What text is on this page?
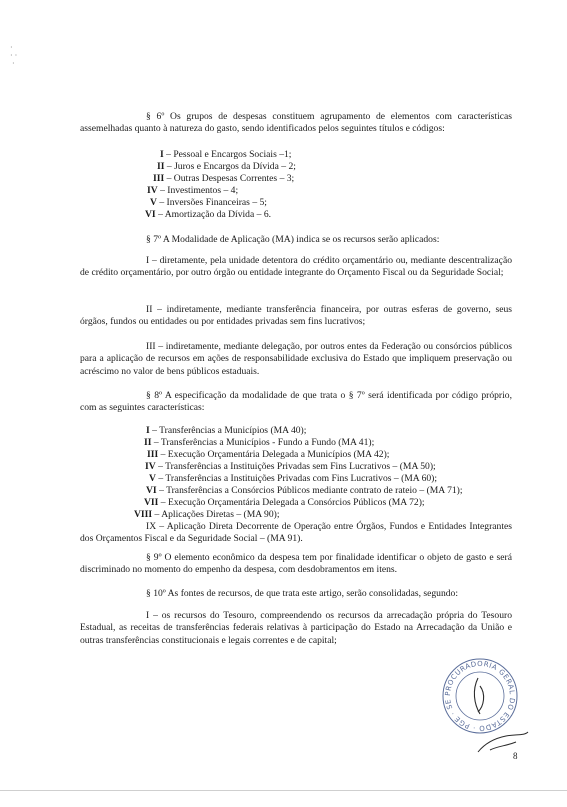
·
· ·
·
§ 6º Os grupos de despesas constituem agrupamento de elementos com características assemelhadas quanto à natureza do gasto, sendo identificados pelos seguintes títulos e códigos:
I – Pessoal e Encargos Sociais –1;
II – Juros e Encargos da Dívida – 2;
III – Outras Despesas Correntes – 3;
IV – Investimentos – 4;
V – Inversões Financeiras – 5;
VI – Amortização da Dívida – 6.
§ 7º A Modalidade de Aplicação (MA) indica se os recursos serão aplicados:
I – diretamente, pela unidade detentora do crédito orçamentário ou, mediante descentralização de crédito orçamentário, por outro órgão ou entidade integrante do Orçamento Fiscal ou da Seguridade Social;
II – indiretamente, mediante transferência financeira, por outras esferas de governo, seus órgãos, fundos ou entidades ou por entidades privadas sem fins lucrativos;
III – indiretamente, mediante delegação, por outros entes da Federação ou consórcios públicos para a aplicação de recursos em ações de responsabilidade exclusiva do Estado que impliquem preservação ou acréscimo no valor de bens públicos estaduais.
§ 8º A especificação da modalidade de que trata o § 7º será identificada por código próprio, com as seguintes características:
I – Transferências a Municípios (MA 40);
II – Transferências a Municípios - Fundo a Fundo (MA 41);
III – Execução Orçamentária Delegada a Municípios (MA 42);
IV – Transferências a Instituições Privadas sem Fins Lucrativos – (MA 50);
V – Transferências a Instituições Privadas com Fins Lucrativos – (MA 60);
VI – Transferências a Consórcios Públicos mediante contrato de rateio – (MA 71);
VII – Execução Orçamentária Delegada a Consórcios Públicos (MA 72);
VIII – Aplicações Diretas – (MA 90);
IX – Aplicação Direta Decorrente de Operação entre Órgãos, Fundos e Entidades Integrantes dos Orçamentos Fiscal e da Seguridade Social – (MA 91).
§ 9º O elemento econômico da despesa tem por finalidade identificar o objeto de gasto e será discriminado no momento do empenho da despesa, com desdobramentos em itens.
§ 10º As fontes de recursos, de que trata este artigo, serão consolidadas, segundo:
I – os recursos do Tesouro, compreendendo os recursos da arrecadação própria do Tesouro Estadual, as receitas de transferências federais relativas à participação do Estado na Arrecadação da União e outras transferências constitucionais e legais correntes e de capital;
PROCURADORIA GERAL DO ESTADO · PGE · SE
8
